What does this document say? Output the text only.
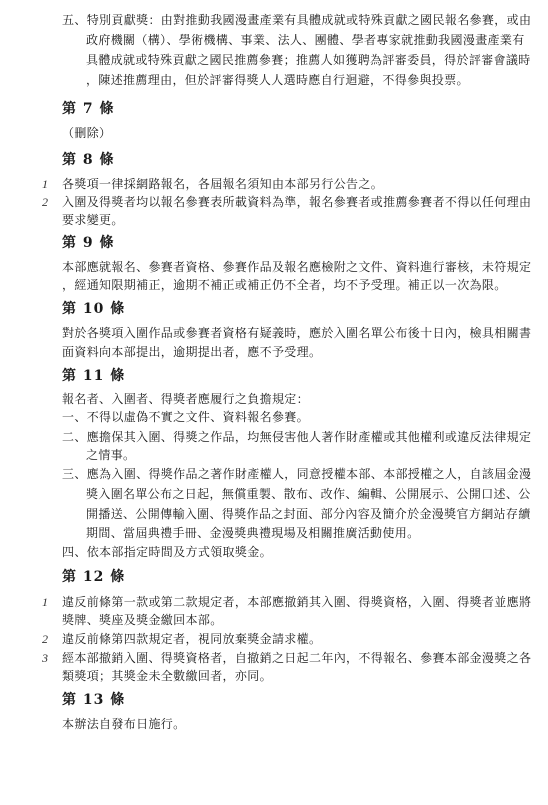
五、特別貢獻獎：由對推動我國漫畫產業有具體成就或特殊貢獻之國民報名參賽，或由
政府機關（構）、學術機構、事業、法人、團體、學者專家就推動我國漫畫產業有
具體成就或特殊貢獻之國民推薦參賽；推薦人如獲聘為評審委員，得於評審會議時
，陳述推薦理由，但於評審得獎人人選時應自行迴避，不得參與投票。
第 7 條
（刪除）
第 8 條
1 各獎項一律採網路報名，各屆報名須知由本部另行公告之。
2 入圍及得獎者均以報名參賽表所載資料為準，報名參賽者或推薦參賽者不得以任何理由
要求變更。
第 9 條
本部應就報名、參賽者資格、參賽作品及報名應檢附之文件、資料進行審核，未符規定
，經通知限期補正，逾期不補正或補正仍不全者，均不予受理。補正以一次為限。
第 10 條
對於各獎項入圍作品或參賽者資格有疑義時，應於入圍名單公布後十日內，檢具相關書
面資料向本部提出，逾期提出者，應不予受理。
第 11 條
報名者、入圍者、得獎者應履行之負擔規定：
一、不得以虛偽不實之文件、資料報名參賽。
二、應擔保其入圍、得獎之作品，均無侵害他人著作財產權或其他權利或違反法律規定
之情事。
三、應為入圍、得獎作品之著作財產權人，同意授權本部、本部授權之人，自該屆金漫
獎入圍名單公布之日起，無償重製、散布、改作、編輯、公開展示、公開口述、公
開播送、公開傳輸入圍、得獎作品之封面、部分內容及簡介於金漫獎官方網站存續
期間、當屆典禮手冊、金漫獎典禮現場及相關推廣活動使用。
四、依本部指定時間及方式領取獎金。
第 12 條
1 違反前條第一款或第二款規定者，本部應撤銷其入圍、得獎資格，入圍、得獎者並應將
獎牌、獎座及獎金繳回本部。
2 違反前條第四款規定者，視同放棄獎金請求權。
3 經本部撤銷入圍、得獎資格者，自撤銷之日起二年內，不得報名、參賽本部金漫獎之各
類獎項；其獎金未全數繳回者，亦同。
第 13 條
本辦法自發布日施行。
